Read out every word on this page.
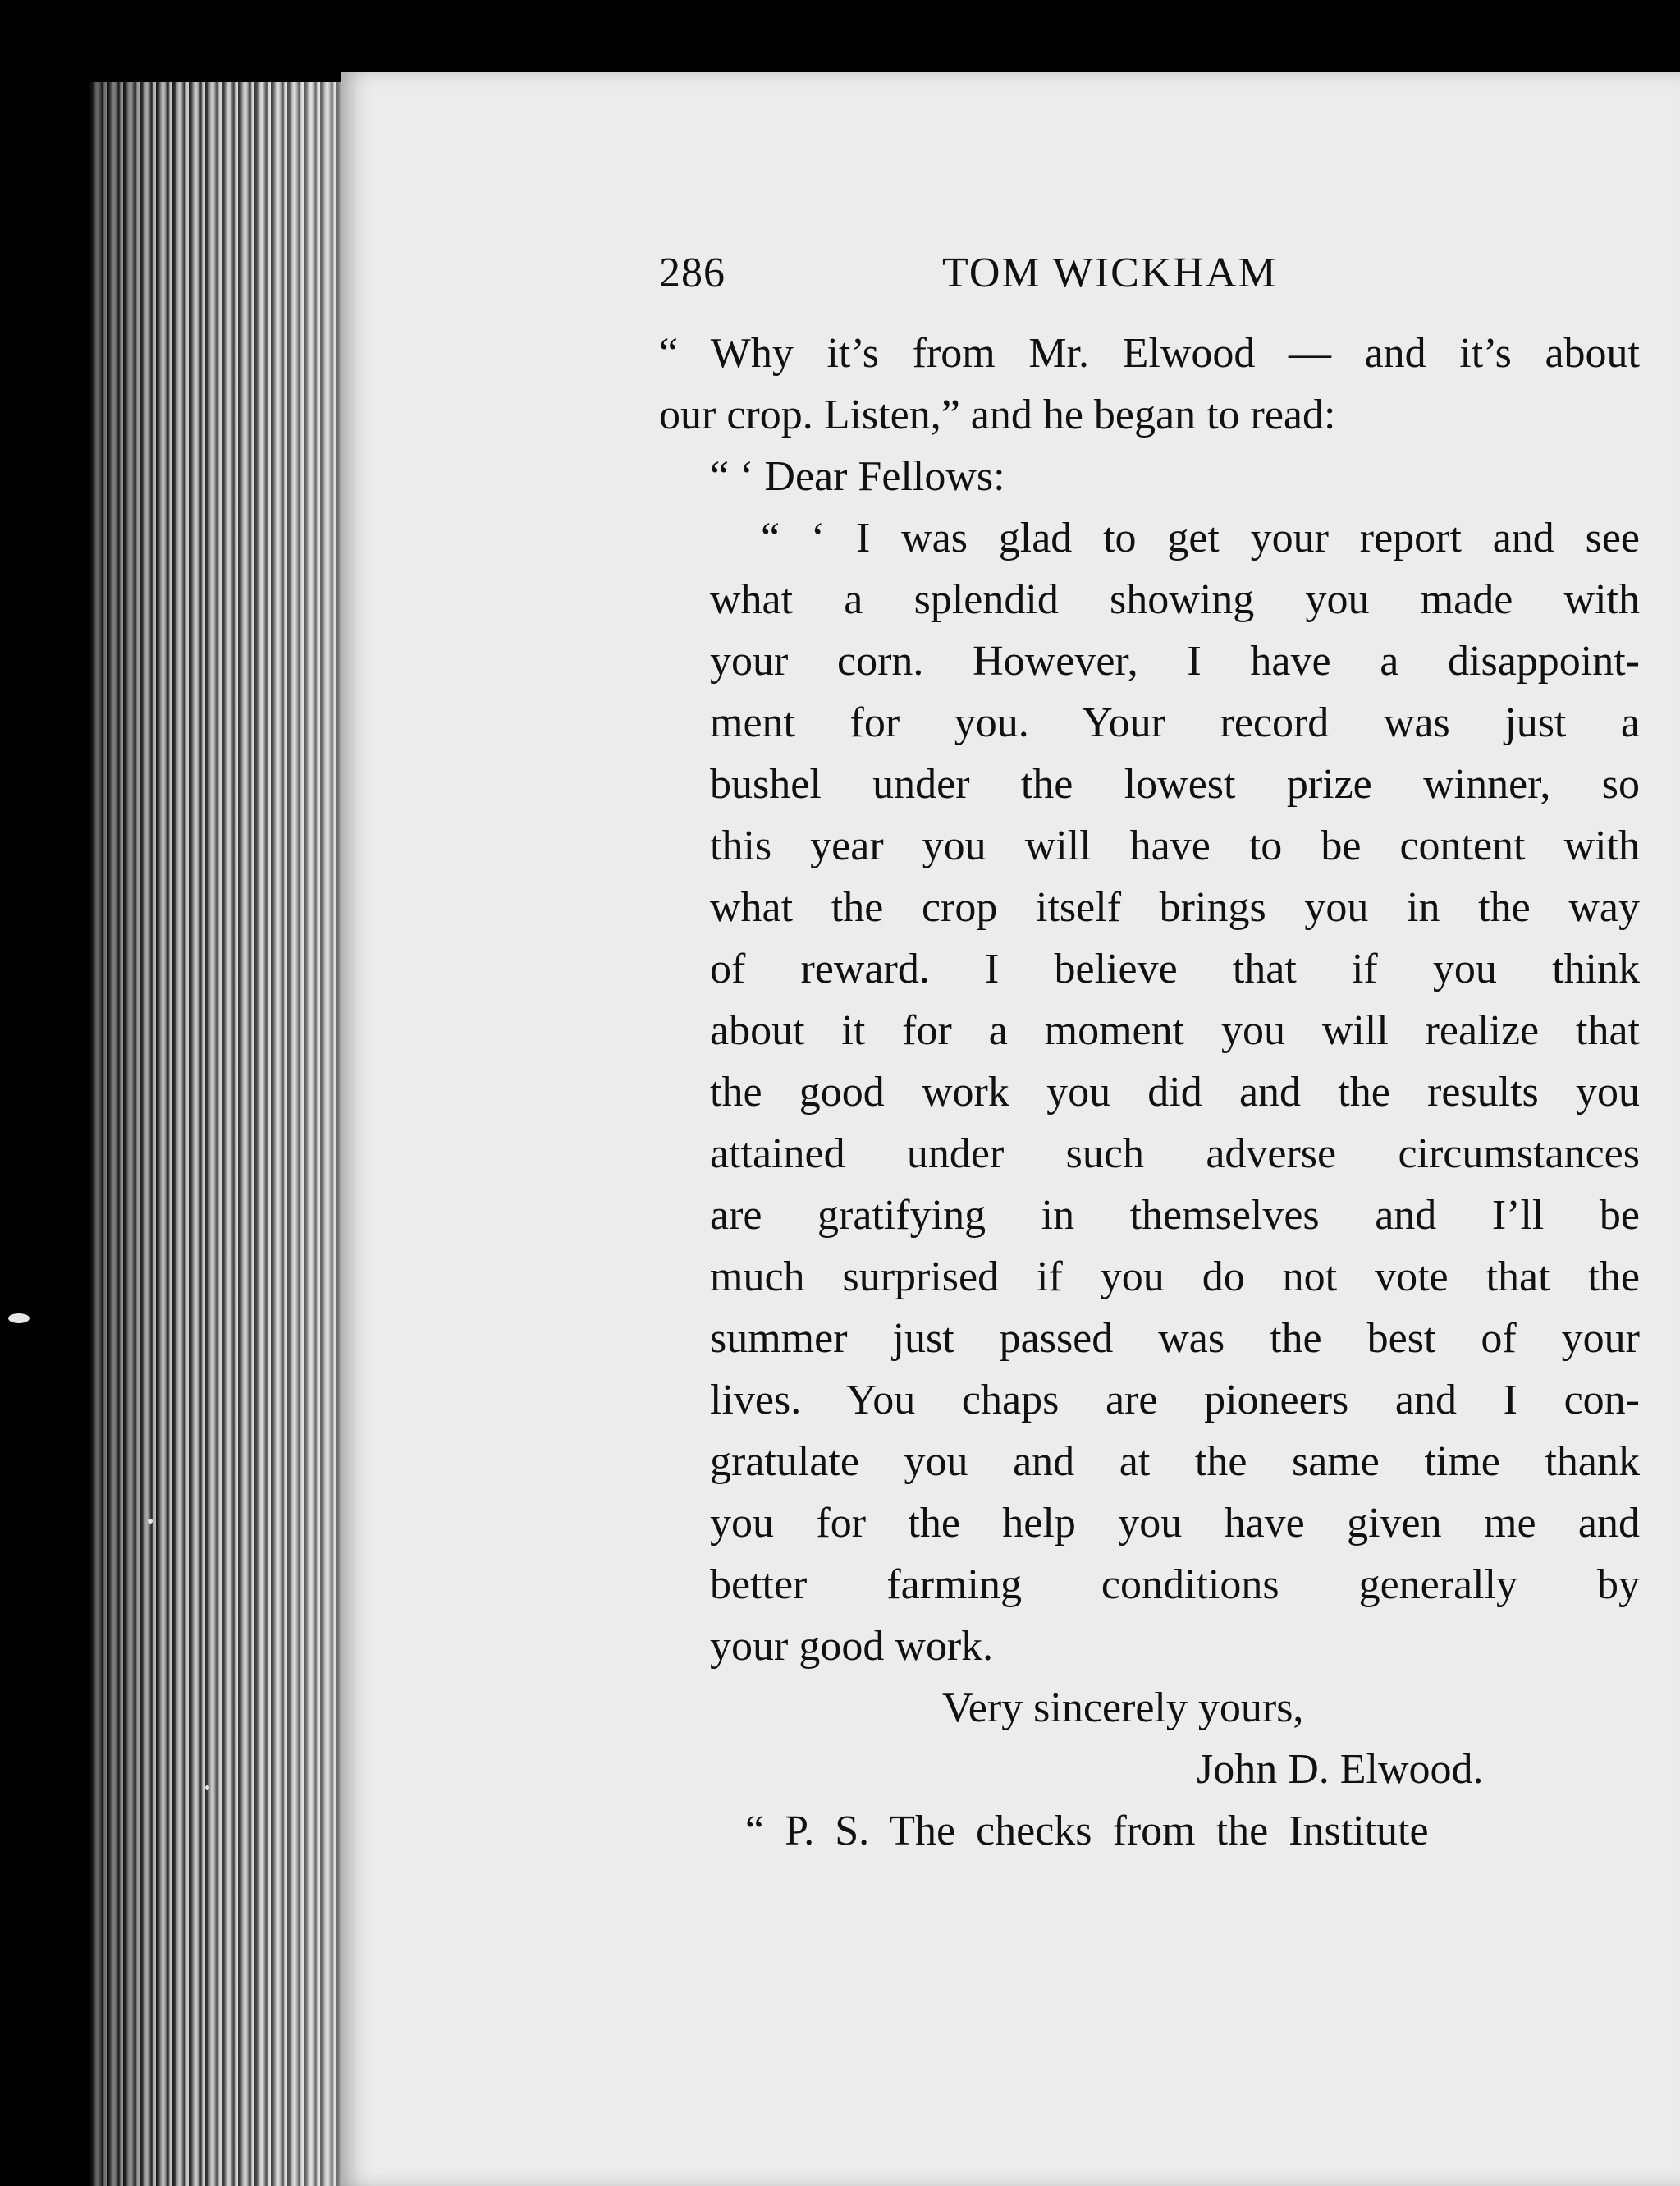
286	TOM WICKHAM
“ Why it’s from Mr. Elwood — and it’s about
our crop. Listen,” and he began to read:
“ ‘ Dear Fellows:
“ ‘ I was glad to get your report and see
what a splendid showing you made with
your corn. However, I have a disappoint-
ment for you. Your record was just a
bushel under the lowest prize winner, so
this year you will have to be content with
what the crop itself brings you in the way
of reward. I believe that if you think
about it for a moment you will realize that
the good work you did and the results you
attained under such adverse circumstances
are gratifying in themselves and I’ll be
much surprised if you do not vote that the
summer just passed was the best of your
lives. You chaps are pioneers and I con-
gratulate you and at the same time thank
you for the help you have given me and
better farming conditions generally by
your good work.
Very sincerely yours,
John D. Elwood.
“ P. S. The checks from the Institute
